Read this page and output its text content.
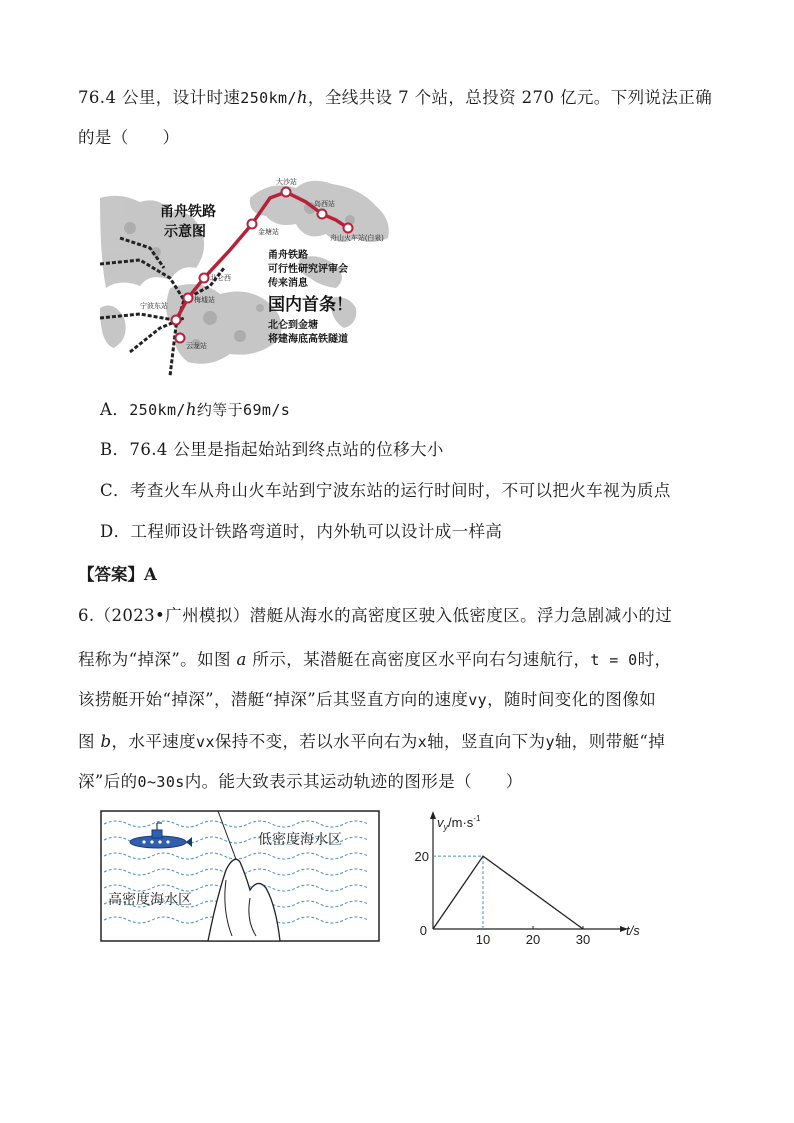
76.4 公里，设计时速250km/h，全线共设 7 个站，总投资 270 亿元。下列说法正确
的是（　　）
大沙站
岛西站
舟山火车站(白泉)
金塘站
北仑西
宁波东站
梅墟站
云龙站
甬舟铁路
示意图
甬舟铁路
可行性研究评审会
传来消息
国内首条！
北仑到金塘
将建海底高铁隧道
A．250km/h约等于69m/s
B．76.4 公里是指起始站到终点站的位移大小
C．考查火车从舟山火车站到宁波东站的运行时间时，不可以把火车视为质点
D．工程师设计铁路弯道时，内外轨可以设计成一样高
【答案】A
6.（2023•广州模拟）潜艇从海水的高密度区驶入低密度区。浮力急剧减小的过
程称为“掉深”。如图 a 所示，某潜艇在高密度区水平向右匀速航行，t = 0时，
该捞艇开始“掉深”，潜艇“掉深”后其竖直方向的速度vy，随时间变化的图像如
图 b，水平速度vx保持不变，若以水平向右为x轴，竖直向下为y轴，则带艇“掉
深”后的0~30s内。能大致表示其运动轨迹的图形是（　　）
低密度海水区
高密度海水区
10	20	30
20
0	t/s
$v_y/m\cdot s^{-1}$
